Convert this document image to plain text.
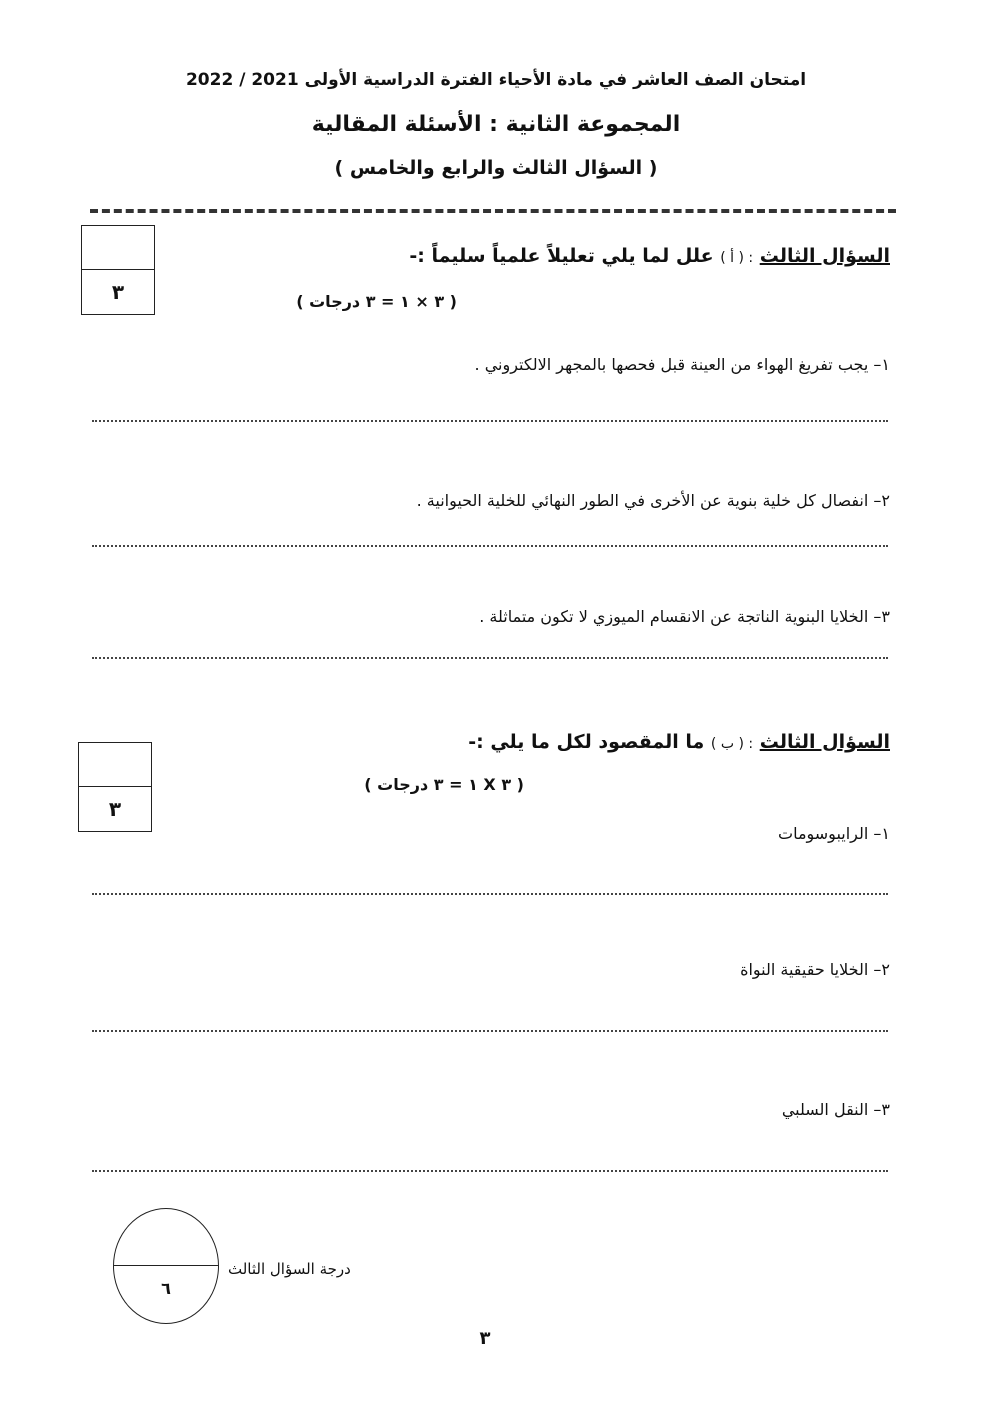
امتحان الصف العاشر في مادة الأحياء الفترة الدراسية الأولى 2021 / 2022
المجموعة الثانية : الأسئلة المقالية
( السؤال الثالث والرابع والخامس )
٣
السؤال الثالث : ( أ ) علل لما يلي تعليلاً علمياً سليماً :-
( ٣ × ١ = ٣ درجات )
١– يجب تفريغ الهواء من العينة قبل فحصها بالمجهر الالكتروني .
٢– انفصال كل خلية بنوية عن الأخرى في الطور النهائي للخلية الحيوانية .
٣– الخلايا البنوية الناتجة عن الانقسام الميوزي لا تكون متماثلة .
٣
السؤال الثالث : ( ب ) ما المقصود لكل ما يلي :-
( ٣ X ١ = ٣ درجات )
١– الرايبوسومات
٢– الخلايا حقيقية النواة
٣– النقل السلبي
٦
درجة السؤال الثالث
٣
